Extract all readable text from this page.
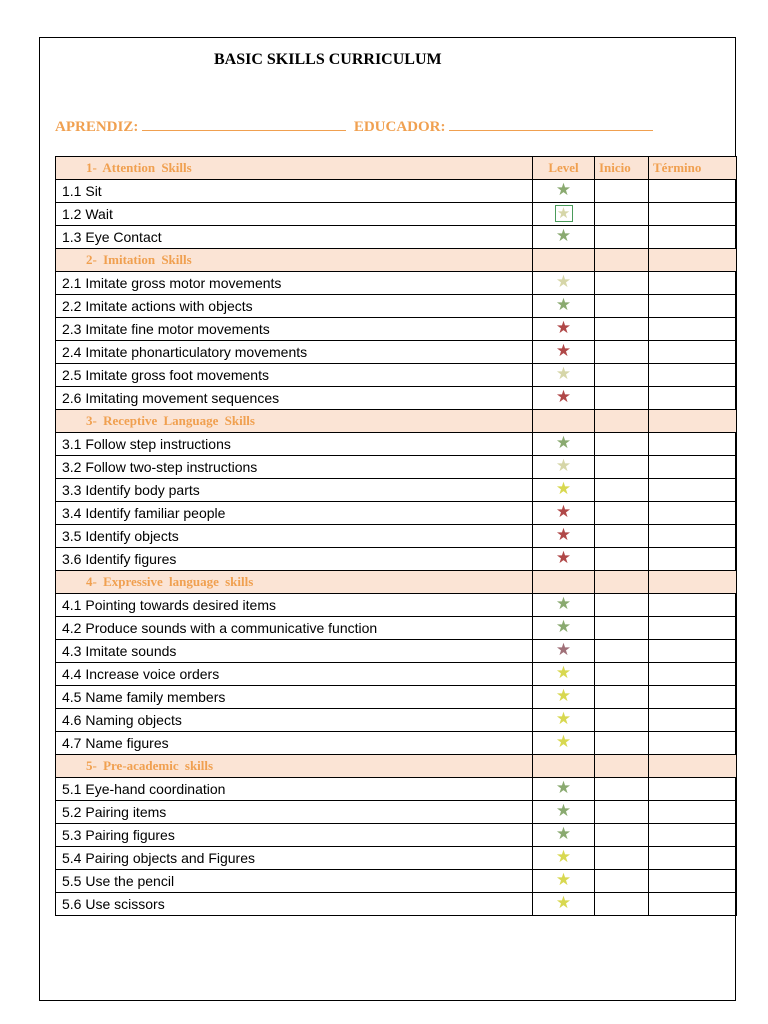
BASIC SKILLS CURRICULUM
APRENDIZ:	EDUCADOR:
1- Attention Skills	Level	Inicio	Término
1.1 Sit	★		
1.2 Wait	★		
1.3 Eye Contact	★		
2- Imitation Skills			
2.1 Imitate gross motor movements	★		
2.2 Imitate actions with objects	★		
2.3 Imitate fine motor movements	★		
2.4 Imitate phonarticulatory movements	★		
2.5 Imitate gross foot movements	★		
2.6 Imitating movement sequences	★		
3- Receptive Language Skills			
3.1 Follow step instructions	★		
3.2 Follow two-step instructions	★		
3.3 Identify body parts	★		
3.4 Identify familiar people	★		
3.5 Identify objects	★		
3.6 Identify figures	★		
4- Expressive language skills			
4.1 Pointing towards desired items	★		
4.2 Produce sounds with a communicative function	★		
4.3 Imitate sounds	★		
4.4 Increase voice orders	★		
4.5 Name family members	★		
4.6 Naming objects	★		
4.7 Name figures	★		
5- Pre-academic skills			
5.1 Eye-hand coordination	★		
5.2 Pairing items	★		
5.3 Pairing figures	★		
5.4 Pairing objects and Figures	★		
5.5 Use the pencil	★		
5.6 Use scissors	★		
